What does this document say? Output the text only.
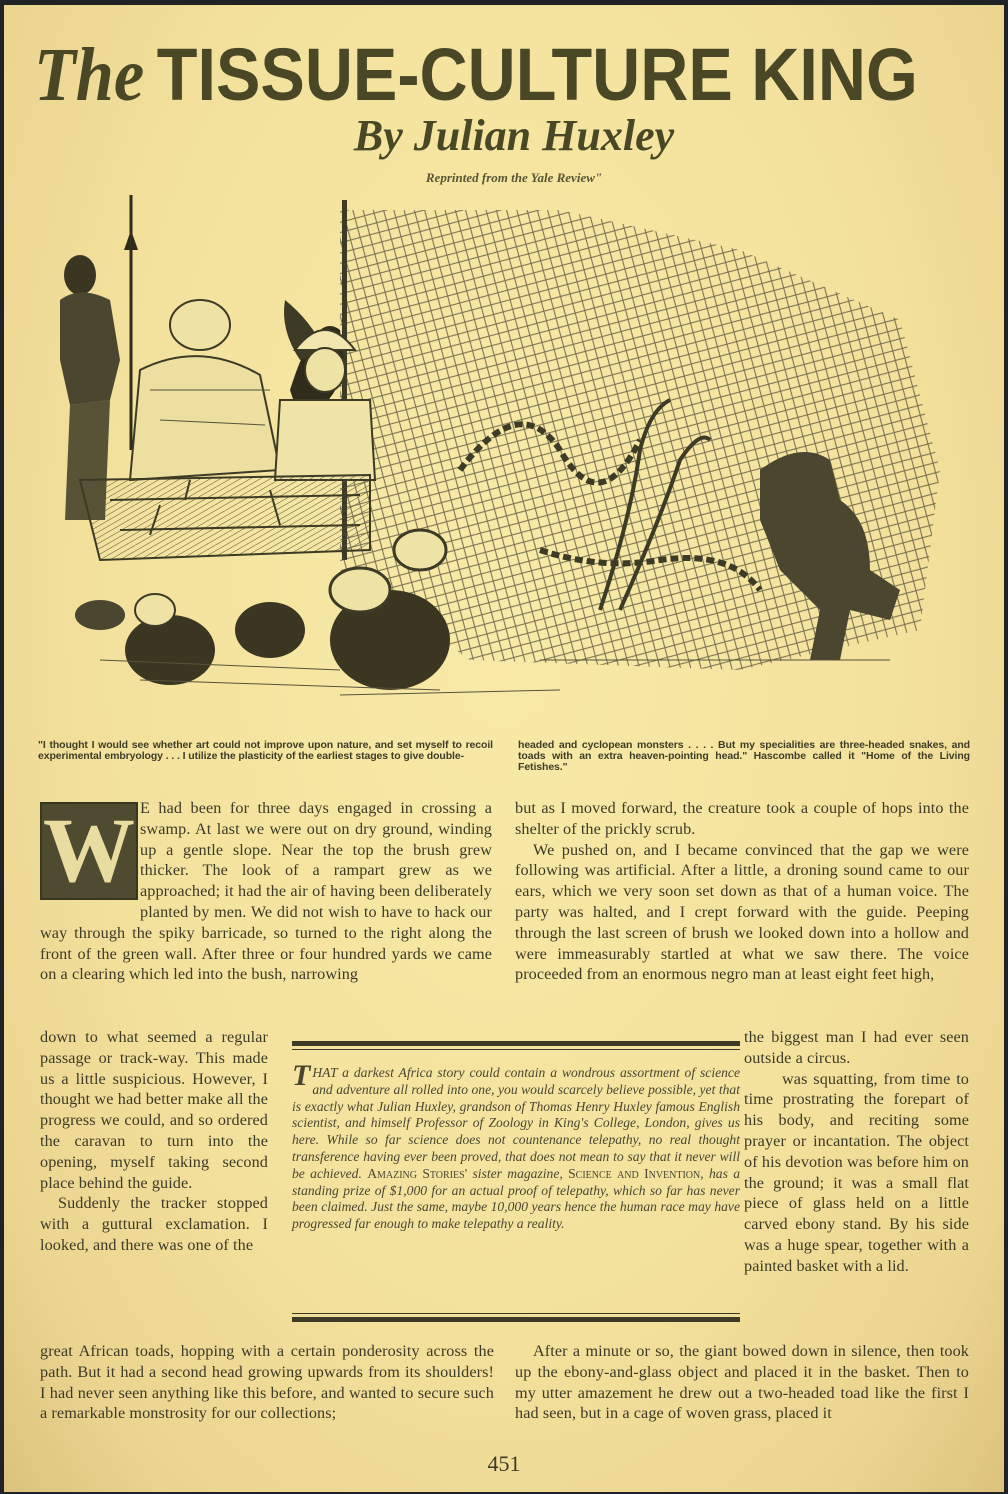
The TISSUE-CULTURE KING
By Julian Huxley
Reprinted from the Yale Review"
"I thought I would see whether art could not improve upon nature, and set myself to recoil experimental embryology . . . I utilize the plasticity of the earliest stages to give double-
headed and cyclopean monsters . . . . But my specialities are three-headed snakes, and toads with an extra heaven-pointing head." Hascombe called it "Home of the Living Fetishes."
W E had been for three days engaged in crossing a swamp. At last we were out on dry ground, winding up a gentle slope. Near the top the brush grew thicker. The look of a rampart grew as we approached; it had the air of having been deliberately planted by men. We did not wish to have to hack our way through the spiky barricade, so turned to the right along the front of the green wall. After three or four hundred yards we came on a clearing which led into the bush, narrowing

but as I moved forward, the creature took a couple of hops into the shelter of the prickly scrub.

We pushed on, and I became convinced that the gap we were following was artificial. After a little, a droning sound came to our ears, which we very soon set down as that of a human voice. The party was halted, and I crept forward with the guide. Peeping through the last screen of brush we looked down into a hollow and were immeasurably startled at what we saw there. The voice proceeded from an enormous negro man at least eight feet high,

down to what seemed a regular passage or track-way. This made us a little suspicious. However, I thought we had better make all the progress we could, and so ordered the caravan to turn into the opening, myself taking second place behind the guide.

Suddenly the tracker stopped with a guttural exclamation. I looked, and there was one of the

THAT a darkest Africa story could contain a wondrous assortment of science and adventure all rolled into one, you would scarcely believe possible, yet that is exactly what Julian Huxley, grandson of Thomas Henry Huxley famous English scientist, and himself Professor of Zoology in King's College, London, gives us here. While so far science does not countenance telepathy, no real thought transference having ever been proved, that does not mean to say that it never will be achieved. Amazing Stories' sister magazine, Science and Invention, has a standing prize of $1,000 for an actual proof of telepathy, which so far has never been claimed. Just the same, maybe 10,000 years hence the human race may have progressed far enough to make telepathy a reality.

the biggest man I had ever seen outside a circus.

was squatting, from time to time prostrating the forepart of his body, and reciting some prayer or incantation. The object of his devotion was before him on the ground; it was a small flat piece of glass held on a little carved ebony stand. By his side was a huge spear, together with a painted basket with a lid.

great African toads, hopping with a certain ponderosity across the path. But it had a second head growing upwards from its shoulders! I had never seen anything like this before, and wanted to secure such a remarkable monstrosity for our collections;

After a minute or so, the giant bowed down in silence, then took up the ebony-and-glass object and placed it in the basket. Then to my utter amazement he drew out a two-headed toad like the first I had seen, but in a cage of woven grass, placed it

451
